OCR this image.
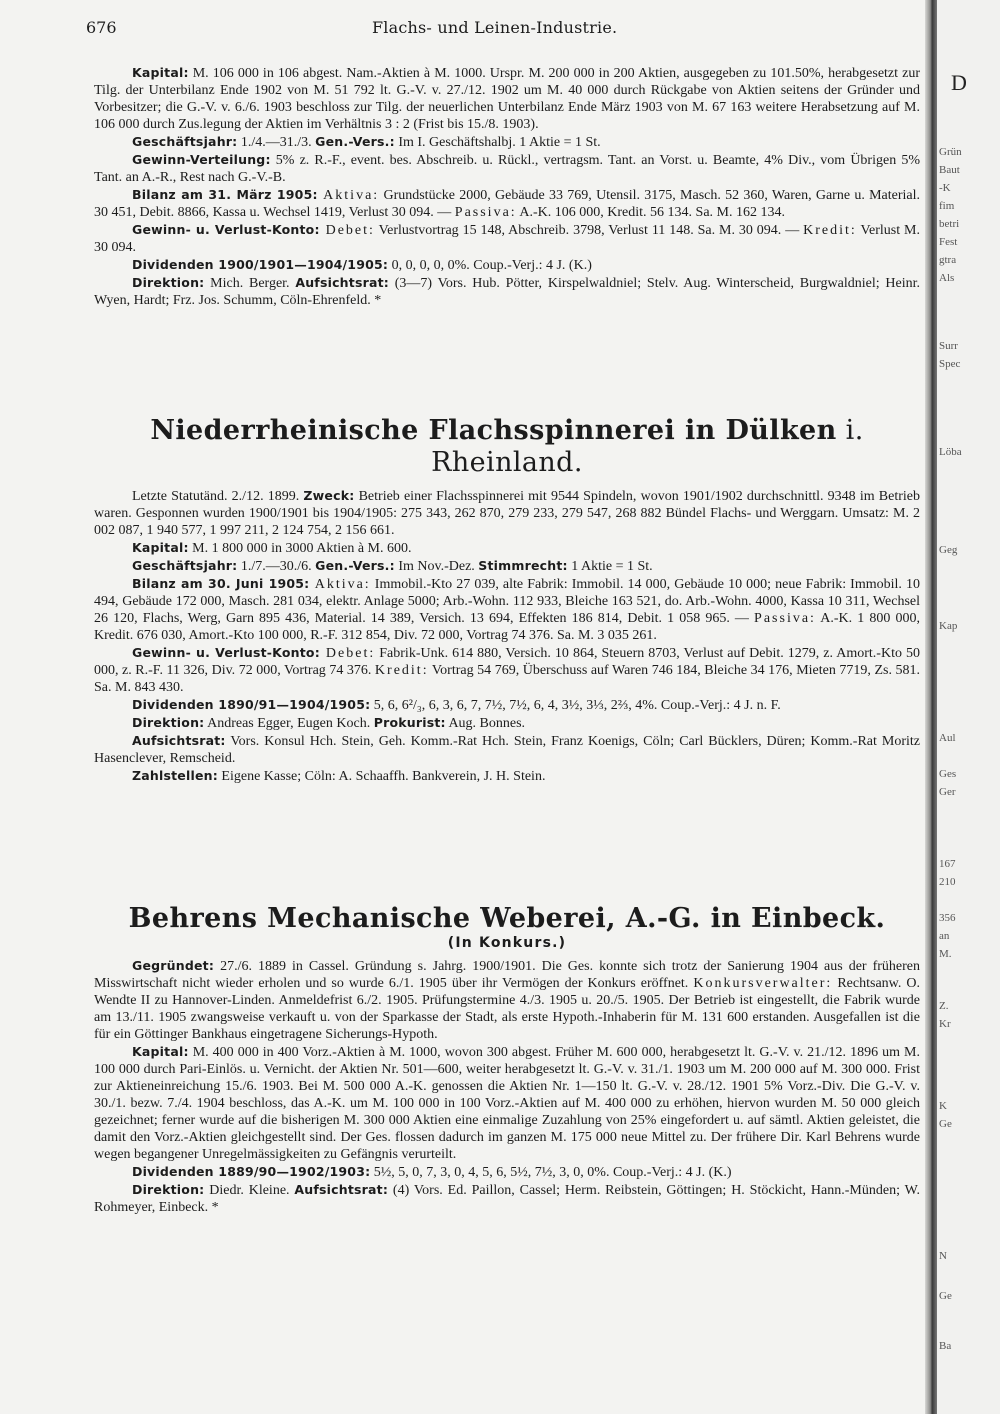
676	Flachs- und Leinen-Industrie.

Kapital: M. 106 000 in 106 abgest. Nam.-Aktien à M. 1000. Urspr. M. 200 000 in 200 Aktien, ausgegeben zu 101.50%, herabgesetzt zur Tilg. der Unterbilanz Ende 1902 von M. 51 792 lt. G.-V. v. 27./12. 1902 um M. 40 000 durch Rückgabe von Aktien seitens der Gründer und Vorbesitzer; die G.-V. v. 6./6. 1903 beschloss zur Tilg. der neuerlichen Unterbilanz Ende März 1903 von M. 67 163 weitere Herabsetzung auf M. 106 000 durch Zus.legung der Aktien im Verhältnis 3 : 2 (Frist bis 15./8. 1903).

Geschäftsjahr: 1./4.—31./3. Gen.-Vers.: Im I. Geschäftshalbj. 1 Aktie = 1 St.

Gewinn-Verteilung: 5% z. R.-F., event. bes. Abschreib. u. Rückl., vertragsm. Tant. an Vorst. u. Beamte, 4% Div., vom Übrigen 5% Tant. an A.-R., Rest nach G.-V.-B.

Bilanz am 31. März 1905: Aktiva: Grundstücke 2000, Gebäude 33 769, Utensil. 3175, Masch. 52 360, Waren, Garne u. Material. 30 451, Debit. 8866, Kassa u. Wechsel 1419, Verlust 30 094. — Passiva: A.-K. 106 000, Kredit. 56 134. Sa. M. 162 134.

Gewinn- u. Verlust-Konto: Debet: Verlustvortrag 15 148, Abschreib. 3798, Verlust 11 148. Sa. M. 30 094. — Kredit: Verlust M. 30 094.

Dividenden 1900/1901—1904/1905: 0, 0, 0, 0, 0%. Coup.-Verj.: 4 J. (K.)

Direktion: Mich. Berger. Aufsichtsrat: (3—7) Vors. Hub. Pötter, Kirspelwaldniel; Stelv. Aug. Winterscheid, Burgwaldniel; Heinr. Wyen, Hardt; Frz. Jos. Schumm, Cöln-Ehrenfeld. *

Niederrheinische Flachsspinnerei in Dülken i. Rheinland.

Letzte Statutänd. 2./12. 1899. Zweck: Betrieb einer Flachsspinnerei mit 9544 Spindeln, wovon 1901/1902 durchschnittl. 9348 im Betrieb waren. Gesponnen wurden 1900/1901 bis 1904/1905: 275 343, 262 870, 279 233, 279 547, 268 882 Bündel Flachs- und Werggarn. Umsatz: M. 2 002 087, 1 940 577, 1 997 211, 2 124 754, 2 156 661.

Kapital: M. 1 800 000 in 3000 Aktien à M. 600.

Geschäftsjahr: 1./7.—30./6. Gen.-Vers.: Im Nov.-Dez. Stimmrecht: 1 Aktie = 1 St.

Bilanz am 30. Juni 1905: Aktiva: Immobil.-Kto 27 039, alte Fabrik: Immobil. 14 000, Gebäude 10 000; neue Fabrik: Immobil. 10 494, Gebäude 172 000, Masch. 281 034, elektr. Anlage 5000; Arb.-Wohn. 112 933, Bleiche 163 521, do. Arb.-Wohn. 4000, Kassa 10 311, Wechsel 26 120, Flachs, Werg, Garn 895 436, Material. 14 389, Versich. 13 694, Effekten 186 814, Debit. 1 058 965. — Passiva: A.-K. 1 800 000, Kredit. 676 030, Amort.-Kto 100 000, R.-F. 312 854, Div. 72 000, Vortrag 74 376. Sa. M. 3 035 261.

Gewinn- u. Verlust-Konto: Debet: Fabrik-Unk. 614 880, Versich. 10 864, Steuern 8703, Verlust auf Debit. 1279, z. Amort.-Kto 50 000, z. R.-F. 11 326, Div. 72 000, Vortrag 74 376. Kredit: Vortrag 54 769, Überschuss auf Waren 746 184, Bleiche 34 176, Mieten 7719, Zs. 581. Sa. M. 843 430.

Dividenden 1890/91—1904/1905: 5, 6, 6²/₃, 6, 3, 6, 7, 7½, 7½, 6, 4, 3½, 3⅓, 2⅔, 4%. Coup.-Verj.: 4 J. n. F.

Direktion: Andreas Egger, Eugen Koch. Prokurist: Aug. Bonnes.

Aufsichtsrat: Vors. Konsul Hch. Stein, Geh. Komm.-Rat Hch. Stein, Franz Koenigs, Cöln; Carl Bücklers, Düren; Komm.-Rat Moritz Hasenclever, Remscheid.

Zahlstellen: Eigene Kasse; Cöln: A. Schaaffh. Bankverein, J. H. Stein.

Behrens Mechanische Weberei, A.-G. in Einbeck.

(In Konkurs.)

Gegründet: 27./6. 1889 in Cassel. Gründung s. Jahrg. 1900/1901. Die Ges. konnte sich trotz der Sanierung 1904 aus der früheren Misswirtschaft nicht wieder erholen und so wurde 6./1. 1905 über ihr Vermögen der Konkurs eröffnet. Konkursverwalter: Rechtsanw. O. Wendte II zu Hannover-Linden. Anmeldefrist 6./2. 1905. Prüfungstermine 4./3. 1905 u. 20./5. 1905. Der Betrieb ist eingestellt, die Fabrik wurde am 13./11. 1905 zwangsweise verkauft u. von der Sparkasse der Stadt, als erste Hypoth.-Inhaberin für M. 131 600 erstanden. Ausgefallen ist die für ein Göttinger Bankhaus eingetragene Sicherungs-Hypoth.

Kapital: M. 400 000 in 400 Vorz.-Aktien à M. 1000, wovon 300 abgest. Früher M. 600 000, herabgesetzt lt. G.-V. v. 21./12. 1896 um M. 100 000 durch Pari-Einlös. u. Vernicht. der Aktien Nr. 501—600, weiter herabgesetzt lt. G.-V. v. 31./1. 1903 um M. 200 000 auf M. 300 000. Frist zur Aktieneinreichung 15./6. 1903. Bei M. 500 000 A.-K. genossen die Aktien Nr. 1—150 lt. G.-V. v. 28./12. 1901 5% Vorz.-Div. Die G.-V. v. 30./1. bezw. 7./4. 1904 beschloss, das A.-K. um M. 100 000 in 100 Vorz.-Aktien auf M. 400 000 zu erhöhen, hiervon wurden M. 50 000 gleich gezeichnet; ferner wurde auf die bisherigen M. 300 000 Aktien eine einmalige Zuzahlung von 25% eingefordert u. auf sämtl. Aktien geleistet, die damit den Vorz.-Aktien gleichgestellt sind. Der Ges. flossen dadurch im ganzen M. 175 000 neue Mittel zu. Der frühere Dir. Karl Behrens wurde wegen begangener Unregelmässigkeiten zu Gefängnis verurteilt.

Dividenden 1889/90—1902/1903: 5½, 5, 0, 7, 3, 0, 4, 5, 6, 5½, 7½, 3, 0, 0%. Coup.-Verj.: 4 J. (K.)

Direktion: Diedr. Kleine. Aufsichtsrat: (4) Vors. Ed. Paillon, Cassel; Herm. Reibstein, Göttingen; H. Stöckicht, Hann.-Münden; W. Rohmeyer, Einbeck. *

D
Grün
Baut
-K
fim
betri
Fest
gtra
Als
Surr
Spec
Löba
Geg
Kap
Aul
Ges
Ger
167
210
356
an
M.
Z.
Kr
K
Ge
N
Ge
Ba
